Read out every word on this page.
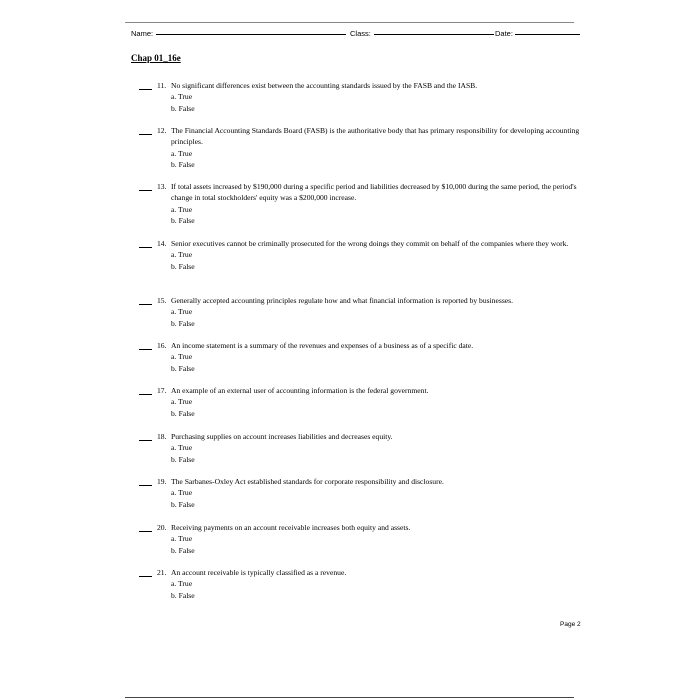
Name:	Class:	Date:
Chap 01_16e
11. No significant differences exist between the accounting standards issued by the FASB and the IASB.
a. True
b. False
12. The Financial Accounting Standards Board (FASB) is the authoritative body that has primary responsibility for developing accounting principles.
a. True
b. False
13. If total assets increased by $190,000 during a specific period and liabilities decreased by $10,000 during the same period, the period's change in total stockholders' equity was a $200,000 increase.
a. True
b. False
14. Senior executives cannot be criminally prosecuted for the wrong doings they commit on behalf of the companies where they work.
a. True
b. False
15. Generally accepted accounting principles regulate how and what financial information is reported by businesses.
a. True
b. False
16. An income statement is a summary of the revenues and expenses of a business as of a specific date.
a. True
b. False
17. An example of an external user of accounting information is the federal government.
a. True
b. False
18. Purchasing supplies on account increases liabilities and decreases equity.
a. True
b. False
19. The Sarbanes-Oxley Act established standards for corporate responsibility and disclosure.
a. True
b. False
20. Receiving payments on an account receivable increases both equity and assets.
a. True
b. False
21. An account receivable is typically classified as a revenue.
a. True
b. False
Page 2
